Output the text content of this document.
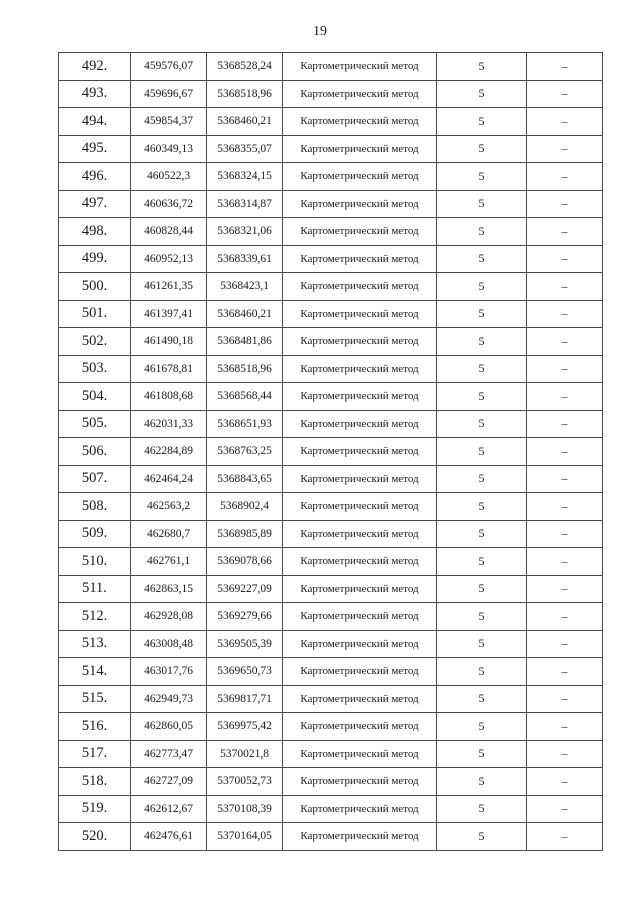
19
492.	459576,07	5368528,24	Картометрический метод	5	–
493.	459696,67	5368518,96	Картометрический метод	5	–
494.	459854,37	5368460,21	Картометрический метод	5	–
495.	460349,13	5368355,07	Картометрический метод	5	–
496.	460522,3	5368324,15	Картометрический метод	5	–
497.	460636,72	5368314,87	Картометрический метод	5	–
498.	460828,44	5368321,06	Картометрический метод	5	–
499.	460952,13	5368339,61	Картометрический метод	5	–
500.	461261,35	5368423,1	Картометрический метод	5	–
501.	461397,41	5368460,21	Картометрический метод	5	–
502.	461490,18	5368481,86	Картометрический метод	5	–
503.	461678,81	5368518,96	Картометрический метод	5	–
504.	461808,68	5368568,44	Картометрический метод	5	–
505.	462031,33	5368651,93	Картометрический метод	5	–
506.	462284,89	5368763,25	Картометрический метод	5	–
507.	462464,24	5368843,65	Картометрический метод	5	–
508.	462563,2	5368902,4	Картометрический метод	5	–
509.	462680,7	5368985,89	Картометрический метод	5	–
510.	462761,1	5369078,66	Картометрический метод	5	–
511.	462863,15	5369227,09	Картометрический метод	5	–
512.	462928,08	5369279,66	Картометрический метод	5	–
513.	463008,48	5369505,39	Картометрический метод	5	–
514.	463017,76	5369650,73	Картометрический метод	5	–
515.	462949,73	5369817,71	Картометрический метод	5	–
516.	462860,05	5369975,42	Картометрический метод	5	–
517.	462773,47	5370021,8	Картометрический метод	5	–
518.	462727,09	5370052,73	Картометрический метод	5	–
519.	462612,67	5370108,39	Картометрический метод	5	–
520.	462476,61	5370164,05	Картометрический метод	5	–
